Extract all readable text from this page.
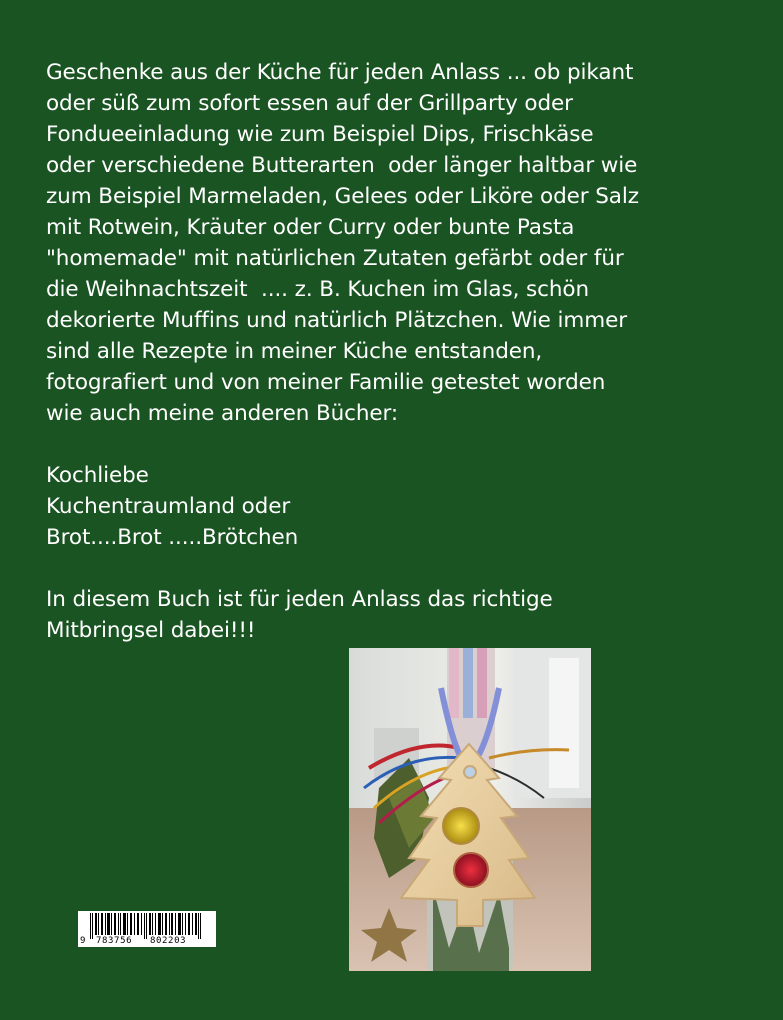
Geschenke aus der Küche für jeden Anlass ... ob pikant
oder süß zum sofort essen auf der Grillparty oder
Fondueeinladung wie zum Beispiel Dips, Frischkäse
oder verschiedene Butterarten  oder länger haltbar wie
zum Beispiel Marmeladen, Gelees oder Liköre oder Salz
mit Rotwein, Kräuter oder Curry oder bunte Pasta
"homemade" mit natürlichen Zutaten gefärbt oder für
die Weihnachtszeit  .... z. B. Kuchen im Glas, schön
dekorierte Muffins und natürlich Plätzchen. Wie immer
sind alle Rezepte in meiner Küche entstanden,
fotografiert und von meiner Familie getestet worden
wie auch meine anderen Bücher:

Kochliebe
Kuchentraumland oder
Brot....Brot .....Brötchen

In diesem Buch ist für jeden Anlass das richtige
Mitbringsel dabei!!!

9 783756 802203
